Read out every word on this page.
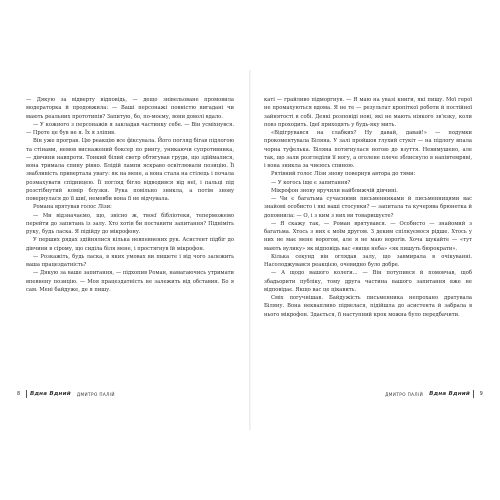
— Дякую за відверту відповідь, — дещо знівельоване промовила модераторка й продовжила: — Ваші персонажі повністю вигадані чи мають реальних прототипів? Запитую, бо, по-моєму, вони доволі вдало.

— У кожного з персонажів я закладав частинку себе. — Він усміхнувся. — Проте це був не я. Їх я зліпив.

Він уже програв. Цю реакцію все фіксувала. Його погляд бігав підлогою та стінами, немов виснажений боксер по рингу, уникаючи супротивника, — дівчини навпроти. Тонкий білий светр обтягував груди, що здіймалися, вона тримала спину рівно. Блідій лампи яскраво освітлювали позицію. Її звабливість привертала увагу: як на мене, а вона стала на стілець і почала розмахувати спідницею. Її погляд бігло відводився від неї, і пальці під розстібнутий комір блузки. Рука повільно зникла, а потім знову повернулася до її шиї, немовби вона її не відчувала.

Романа врятував голос Лізи:

— Ми відзначаємо, що, звісно ж, твоєї бібліотеки, теперможемо перейти до запитань із залу. Хто хотів би поставити запитання? Підніміть руку, будь ласка. Я підійду до мікрофону.

У перших рядах здійнялися кілька невпевнених рук. Асистент підбіг до дівчини в сірому, що сиділа біля мене, і простягнув їй мікрофон.

— Розкажіть, будь ласка, в яких умовах ви пишете і від чого залежить ваша працездатність?

— Дякую за ваше запитання, — підхопив Роман, намагаючись утримати впевнену позицію. — Моя працездатність не залежить від обставин. Бо я сам. Мені байдуже, де я пишу.

каті — грайливо підморгнув. — Я маю на увазі книги, які пишу. Мої герої не промахуються вдома. Я не те — результат кропіткої роботи й постійної зайнятості в собі. Деякі розповіді нові, які не мають ніякого зв'язку, коли повз проходить. Ідеї приходять у будь-яку мить.

«Відігрувався на слабких? Ну давай, давай!» — подумки прокоментувала Біляна. У залі пройшов глухий стукіт — на підлогу впала чорна туфелька. Біляна потягнулася ногою до взуття. Невимушено, але так, що зали розгледіли її ногу, а оголене плече зблиснуло в напівтемряві, і вона зникла за чиєюсь спиною.

Рятівний голос Лізи знову повернув автора до тями:

— У когось іще є запитання?

Мікрофон знову вручили найближчій дівчині.

— Чи є багатьма сучасними письменниками й письменницями вас знайомі особисто і які ваші стосунки? — запитала та кучерява брюнетка й доповнила: — О, і з ким з них ви товаришуєте?

— Я скажу так, — Роман врятувався. — Особисто — знайомий з багатьма. Хтось з них є моїм другом. З деким спілкуємося рідше. Хтось у них не має мене ворогом, але я не маю ворогів. Хоча шукайте — «тут мають вулику» як відповідь вас «вище неба» «як пишуть бюрократи».

Кілька секунд він оглядав залу, що завмирала в очікуванні. Насолоджувався реакцією, очевидно було добре.

— А щодо вашого колеги... — Він потупився й помовчав, щоб збадьорити публіку, тому друга частина вашого запитання вже не відповідає. Якщо вас це цікавить.

Сміх погучнішав. Байдужість письменника непрохано дратувала Біляну. Вона неквапливо підвелася, підійшла до асистента й забрала в нього мікрофон. Здається, її наступний крок можна було передбачити.

8 Вдна Вдний ДМИТРО ПАЛІЙ	ДМИТРО ПАЛІЙ Вдна Вдний 9
